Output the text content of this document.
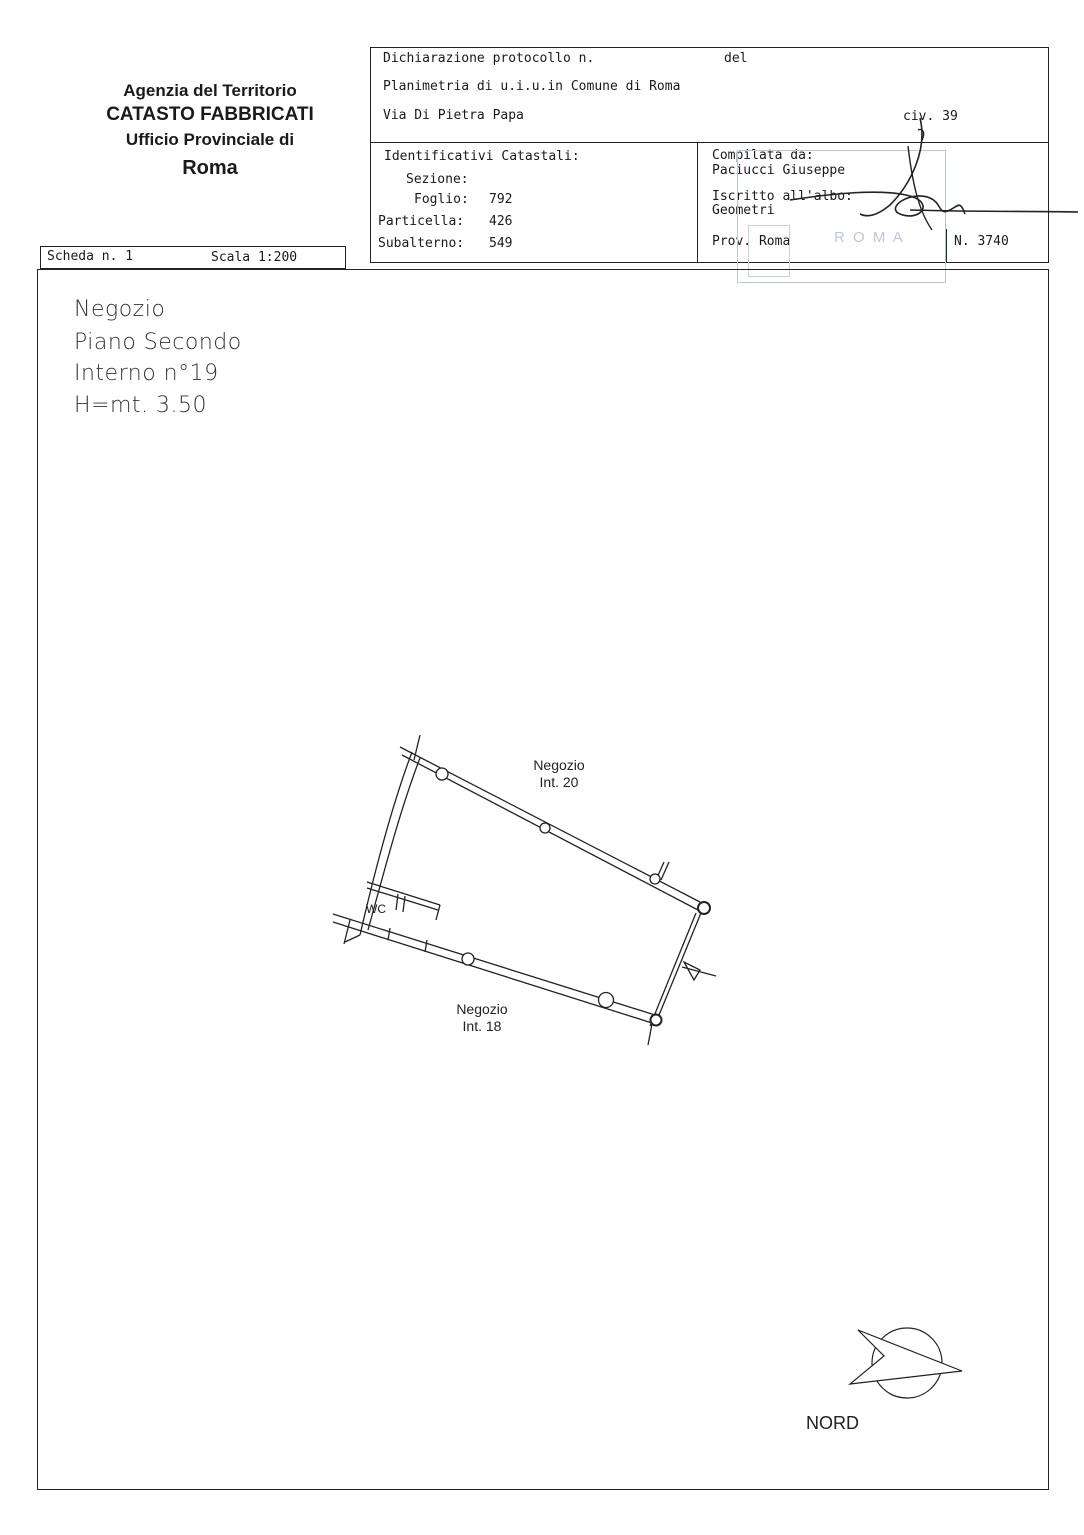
Agenzia del Territorio
CATASTO FABBRICATI
Ufficio Provinciale di
Roma
Dichiarazione protocollo n.	del
Planimetria di u.i.u.in Comune di Roma
Via Di Pietra Papa	civ. 39
Identificativi Catastali:
Sezione:
Foglio: 792
Particella: 426
Subalterno: 549
Compilata da:
Paciucci Giuseppe
Iscritto all'albo:
Geometri
Prov. Roma	N. 3740
R O M A
Scheda n. 1	Scala 1:200
Negozio
Piano Secondo
Interno n°19
H=mt. 3.50
Negozio
Int. 20
Negozio
Int. 18
WC
NORD
